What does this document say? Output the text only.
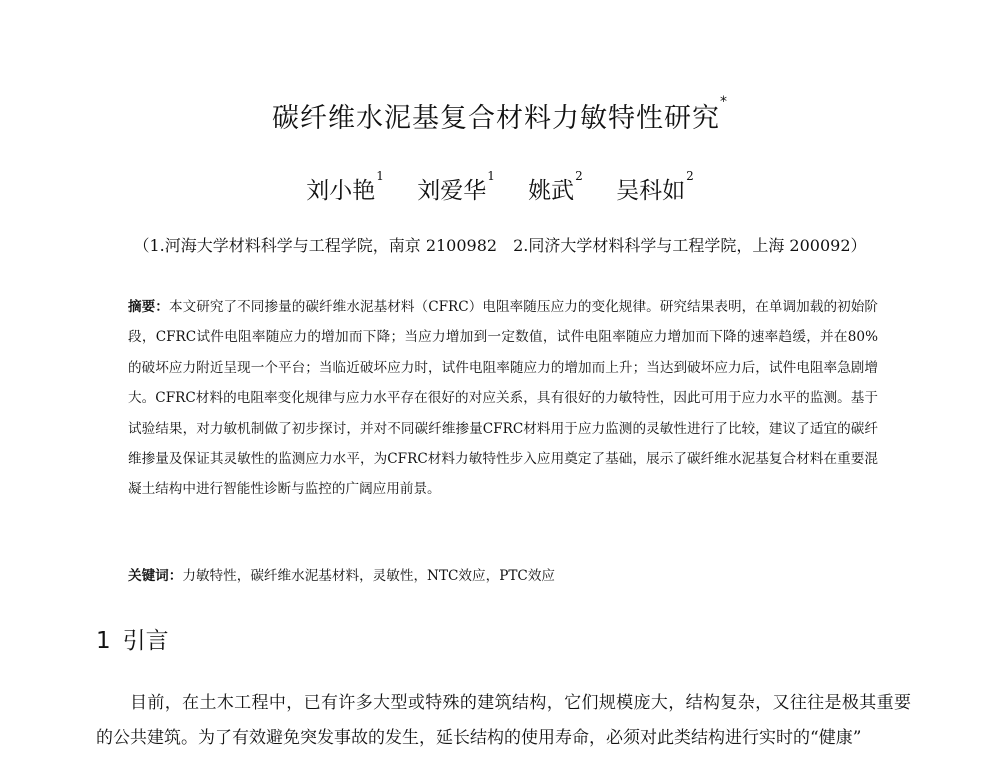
碳纤维水泥基复合材料力敏特性研究*
刘小艳$^1$ 刘爱华$^1$ 姚武$^2$ 吴科如$^2$
（1.河海大学材料科学与工程学院，南京 2100982　2.同济大学材料科学与工程学院，上海 200092）
摘要：本文研究了不同掺量的碳纤维水泥基材料（CFRC）电阻率随压应力的变化规律。研究结果表明，在单调加载的初始阶段，CFRC试件电阻率随应力的增加而下降；当应力增加到一定数值，试件电阻率随应力增加而下降的速率趋缓，并在80%的破坏应力附近呈现一个平台；当临近破坏应力时，试件电阻率随应力的增加而上升；当达到破坏应力后，试件电阻率急剧增大。CFRC材料的电阻率变化规律与应力水平存在很好的对应关系，具有很好的力敏特性，因此可用于应力水平的监测。基于试验结果，对力敏机制做了初步探讨，并对不同碳纤维掺量CFRC材料用于应力监测的灵敏性进行了比较，建议了适宜的碳纤维掺量及保证其灵敏性的监测应力水平，为CFRC材料力敏特性步入应用奠定了基础，展示了碳纤维水泥基复合材料在重要混凝土结构中进行智能性诊断与监控的广阔应用前景。
关键词：力敏特性，碳纤维水泥基材料，灵敏性，NTC效应，PTC效应
1 引言
目前，在土木工程中，已有许多大型或特殊的建筑结构，它们规模庞大，结构复杂，又往往是极其重要的公共建筑。为了有效避免突发事故的发生，延长结构的使用寿命，必须对此类结构进行实时的“健康”
